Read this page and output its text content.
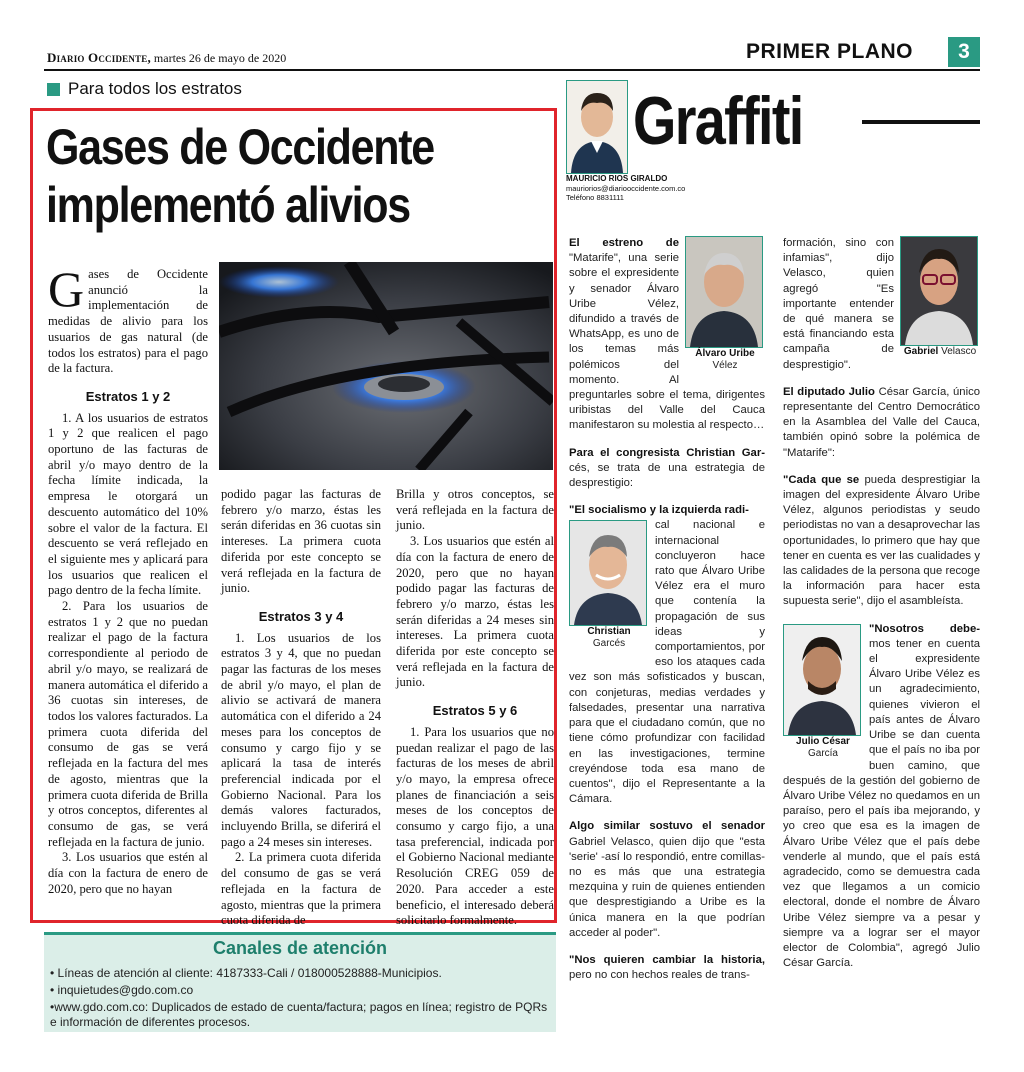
Diario Occidente, martes 26 de mayo de 2020	PRIMER PLANO	3
Para todos los estratos
Gases de Occidente
implementó alivios
G ases de Occidente anunció la implementación de medidas de alivio para los usuarios de gas natural (de todos los estratos) para el pago de la factura.

Estratos 1 y 2

1. A los usuarios de estratos 1 y 2 que realicen el pago oportuno de las facturas de abril y/o mayo dentro de la fecha límite indicada, la empresa le otorgará un descuento automático del 10% sobre el valor de la factura. El descuento se verá reflejado en el siguiente mes y aplicará para los usuarios que realicen el pago dentro de la fecha límite.

2. Para los usuarios de estratos 1 y 2 que no puedan realizar el pago de la factura correspondiente al periodo de abril y/o mayo, se realizará de manera automática el diferido a 36 cuotas sin intereses, de todos los valores facturados. La primera cuota diferida del consumo de gas se verá reflejada en la factura del mes de agosto, mientras que la primera cuota diferida de Brilla y otros conceptos, diferentes al consumo de gas, se verá reflejada en la factura de junio.

3. Los usuarios que estén al día con la factura de enero de 2020, pero que no hayan

podido pagar las facturas de febrero y/o marzo, éstas les serán diferidas en 36 cuotas sin intereses. La primera cuota diferida por este concepto se verá reflejada en la factura de junio.

Estratos 3 y 4

1. Los usuarios de los estratos 3 y 4, que no puedan pagar las facturas de los meses de abril y/o mayo, el plan de alivio se activará de manera automática con el diferido a 24 meses para los conceptos de consumo y cargo fijo y se aplicará la tasa de interés preferencial indicada por el Gobierno Nacional. Para los demás valores facturados, incluyendo Brilla, se diferirá el pago a 24 meses sin intereses.

2. La primera cuota diferida del consumo de gas se verá reflejada en la factura de agosto, mientras que la primera cuota diferida de

Brilla y otros conceptos, se verá reflejada en la factura de junio.

3. Los usuarios que estén al día con la factura de enero de 2020, pero que no hayan podido pagar las facturas de febrero y/o marzo, éstas les serán diferidas a 24 meses sin intereses. La primera cuota diferida por este concepto se verá reflejada en la factura de junio.

Estratos 5 y 6

1. Para los usuarios que no puedan realizar el pago de las facturas de los meses de abril y/o mayo, la empresa ofrece planes de financiación a seis meses de los conceptos de consumo y cargo fijo, a una tasa preferencial, indicada por el Gobierno Nacional mediante Resolución CREG 059 de 2020. Para acceder a este beneficio, el interesado deberá solicitarlo formalmente.

Canales de atención
• Líneas de atención al cliente: 4187333-Cali / 018000528888-Municipios.
• inquietudes@gdo.com.co
•www.gdo.com.co: Duplicados de estado de cuenta/factura; pagos en línea; registro de PQRs e información de diferentes procesos.
Graffiti
MAURICIO RIOS GIRALDO
mauriorios@diariooccidente.com.co
Teléfono 8831111
Álvaro Uribe
Vélez

El estreno de "Matarife", una serie sobre el expresidente y senador Álvaro Uribe Vélez, difundido a través de WhatsApp, es uno de los temas más polémicos del momento. Al preguntarles sobre el tema, dirigentes uribistas del Valle del Cauca manifestaron su molestia al respecto…

Para el congresista Christian Gar- cés, se trata de una estrategia de desprestigio:

"El socialismo y la izquierda radi-

Christian
Garcés
cal nacional e internacional concluyeron hace rato que Álvaro Uribe Vélez era el muro que contenía la propagación de sus ideas y comportamientos, por eso los ataques cada vez son más sofisticados y buscan, con conjeturas, medias verdades y falsedades, presentar una narrativa para que el ciudadano común, que no tiene cómo profundizar con facilidad en las investigaciones, termine creyéndose toda esa mano de cuentos", dijo el Representante a la Cámara.

Algo similar sostuvo el senador Gabriel Velasco, quien dijo que "esta 'serie' -así lo respondió, entre comillas- no es más que una estrategia mezquina y ruin de quienes entienden que desprestigiando a Uribe es la única manera en la que podrían acceder al poder".

"Nos quieren cambiar la historia, pero no con hechos reales de trans-

Gabriel Velasco

formación, sino con infamias", dijo Velasco, quien agregó "Es importante entender de qué manera se está financiando esta campaña de desprestigio".

El diputado Julio César García, único representante del Centro Democrático en la Asamblea del Valle del Cauca, también opinó sobre la polémica de "Matarife":

"Cada que se pueda desprestigiar la imagen del expresidente Álvaro Uribe Vélez, algunos periodistas y seudo periodistas no van a desaprovechar las oportunidades, lo primero que hay que tener en cuenta es ver las cualidades y las calidades de la persona que recoge la información para hacer esta supuesta serie", dijo el asambleísta.

Julio César
García
"Nosotros debe- mos tener en cuenta el expresidente Álvaro Uribe Vélez es un agradecimiento, quienes vivieron el país antes de Álvaro Uribe se dan cuenta que el país no iba por buen camino, que después de la gestión del gobierno de Álvaro Uribe Vélez no quedamos en un paraíso, pero el país iba mejorando, y yo creo que esa es la imagen de Álvaro Uribe Vélez que el país debe venderle al mundo, que el país está agradecido, como se demuestra cada vez que llegamos a un comicio electoral, donde el nombre de Álvaro Uribe Vélez siempre va a pesar y siempre va a lograr ser el mayor elector de Colombia", agregó Julio César García.
